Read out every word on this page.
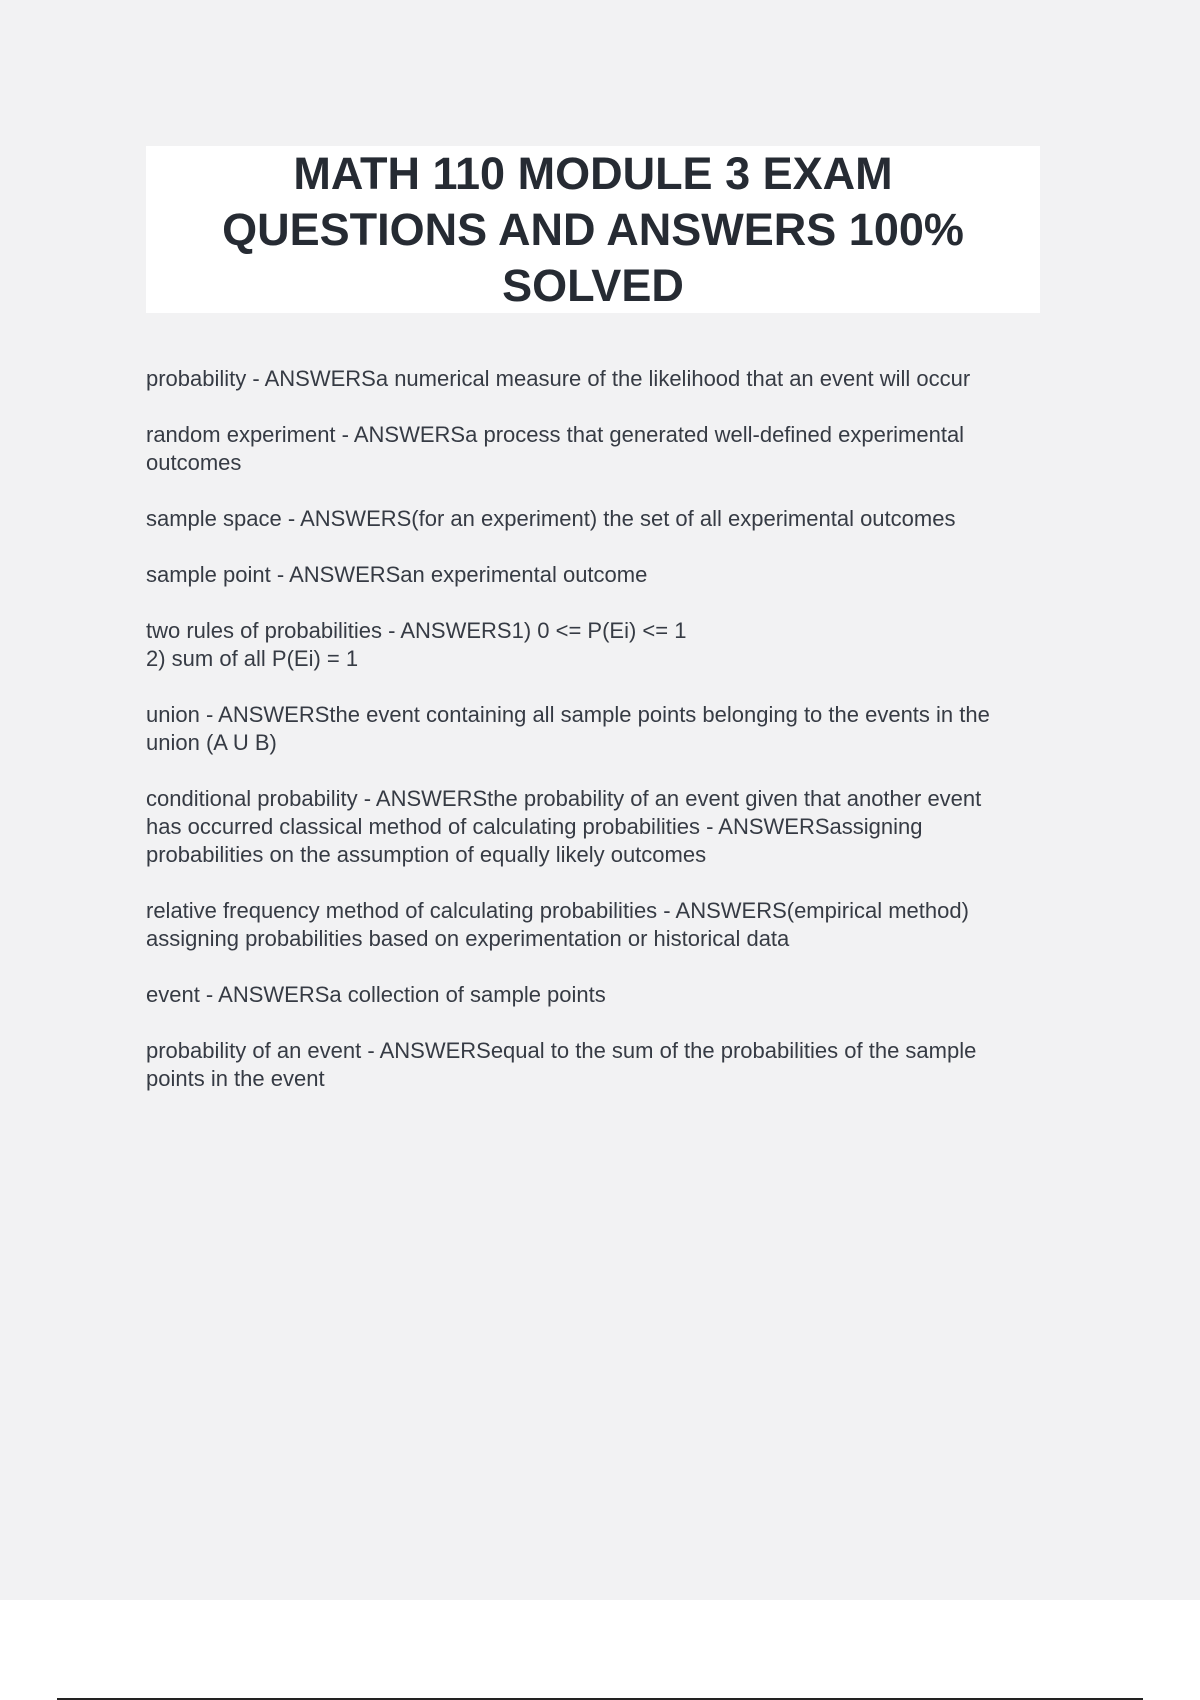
MATH 110 MODULE 3 EXAM
QUESTIONS AND ANSWERS 100%
SOLVED
probability - ANSWERSa numerical measure of the likelihood that an event will occur
random experiment - ANSWERSa process that generated well-defined experimental
outcomes
sample space - ANSWERS(for an experiment) the set of all experimental outcomes
sample point - ANSWERSan experimental outcome
two rules of probabilities - ANSWERS1) 0 <= P(Ei) <= 1
2) sum of all P(Ei) = 1
union - ANSWERSthe event containing all sample points belonging to the events in the
union (A U B)
conditional probability - ANSWERSthe probability of an event given that another event
has occurred classical method of calculating probabilities - ANSWERSassigning
probabilities on the assumption of equally likely outcomes
relative frequency method of calculating probabilities - ANSWERS(empirical method)
assigning probabilities based on experimentation or historical data
event - ANSWERSa collection of sample points
probability of an event - ANSWERSequal to the sum of the probabilities of the sample
points in the event
